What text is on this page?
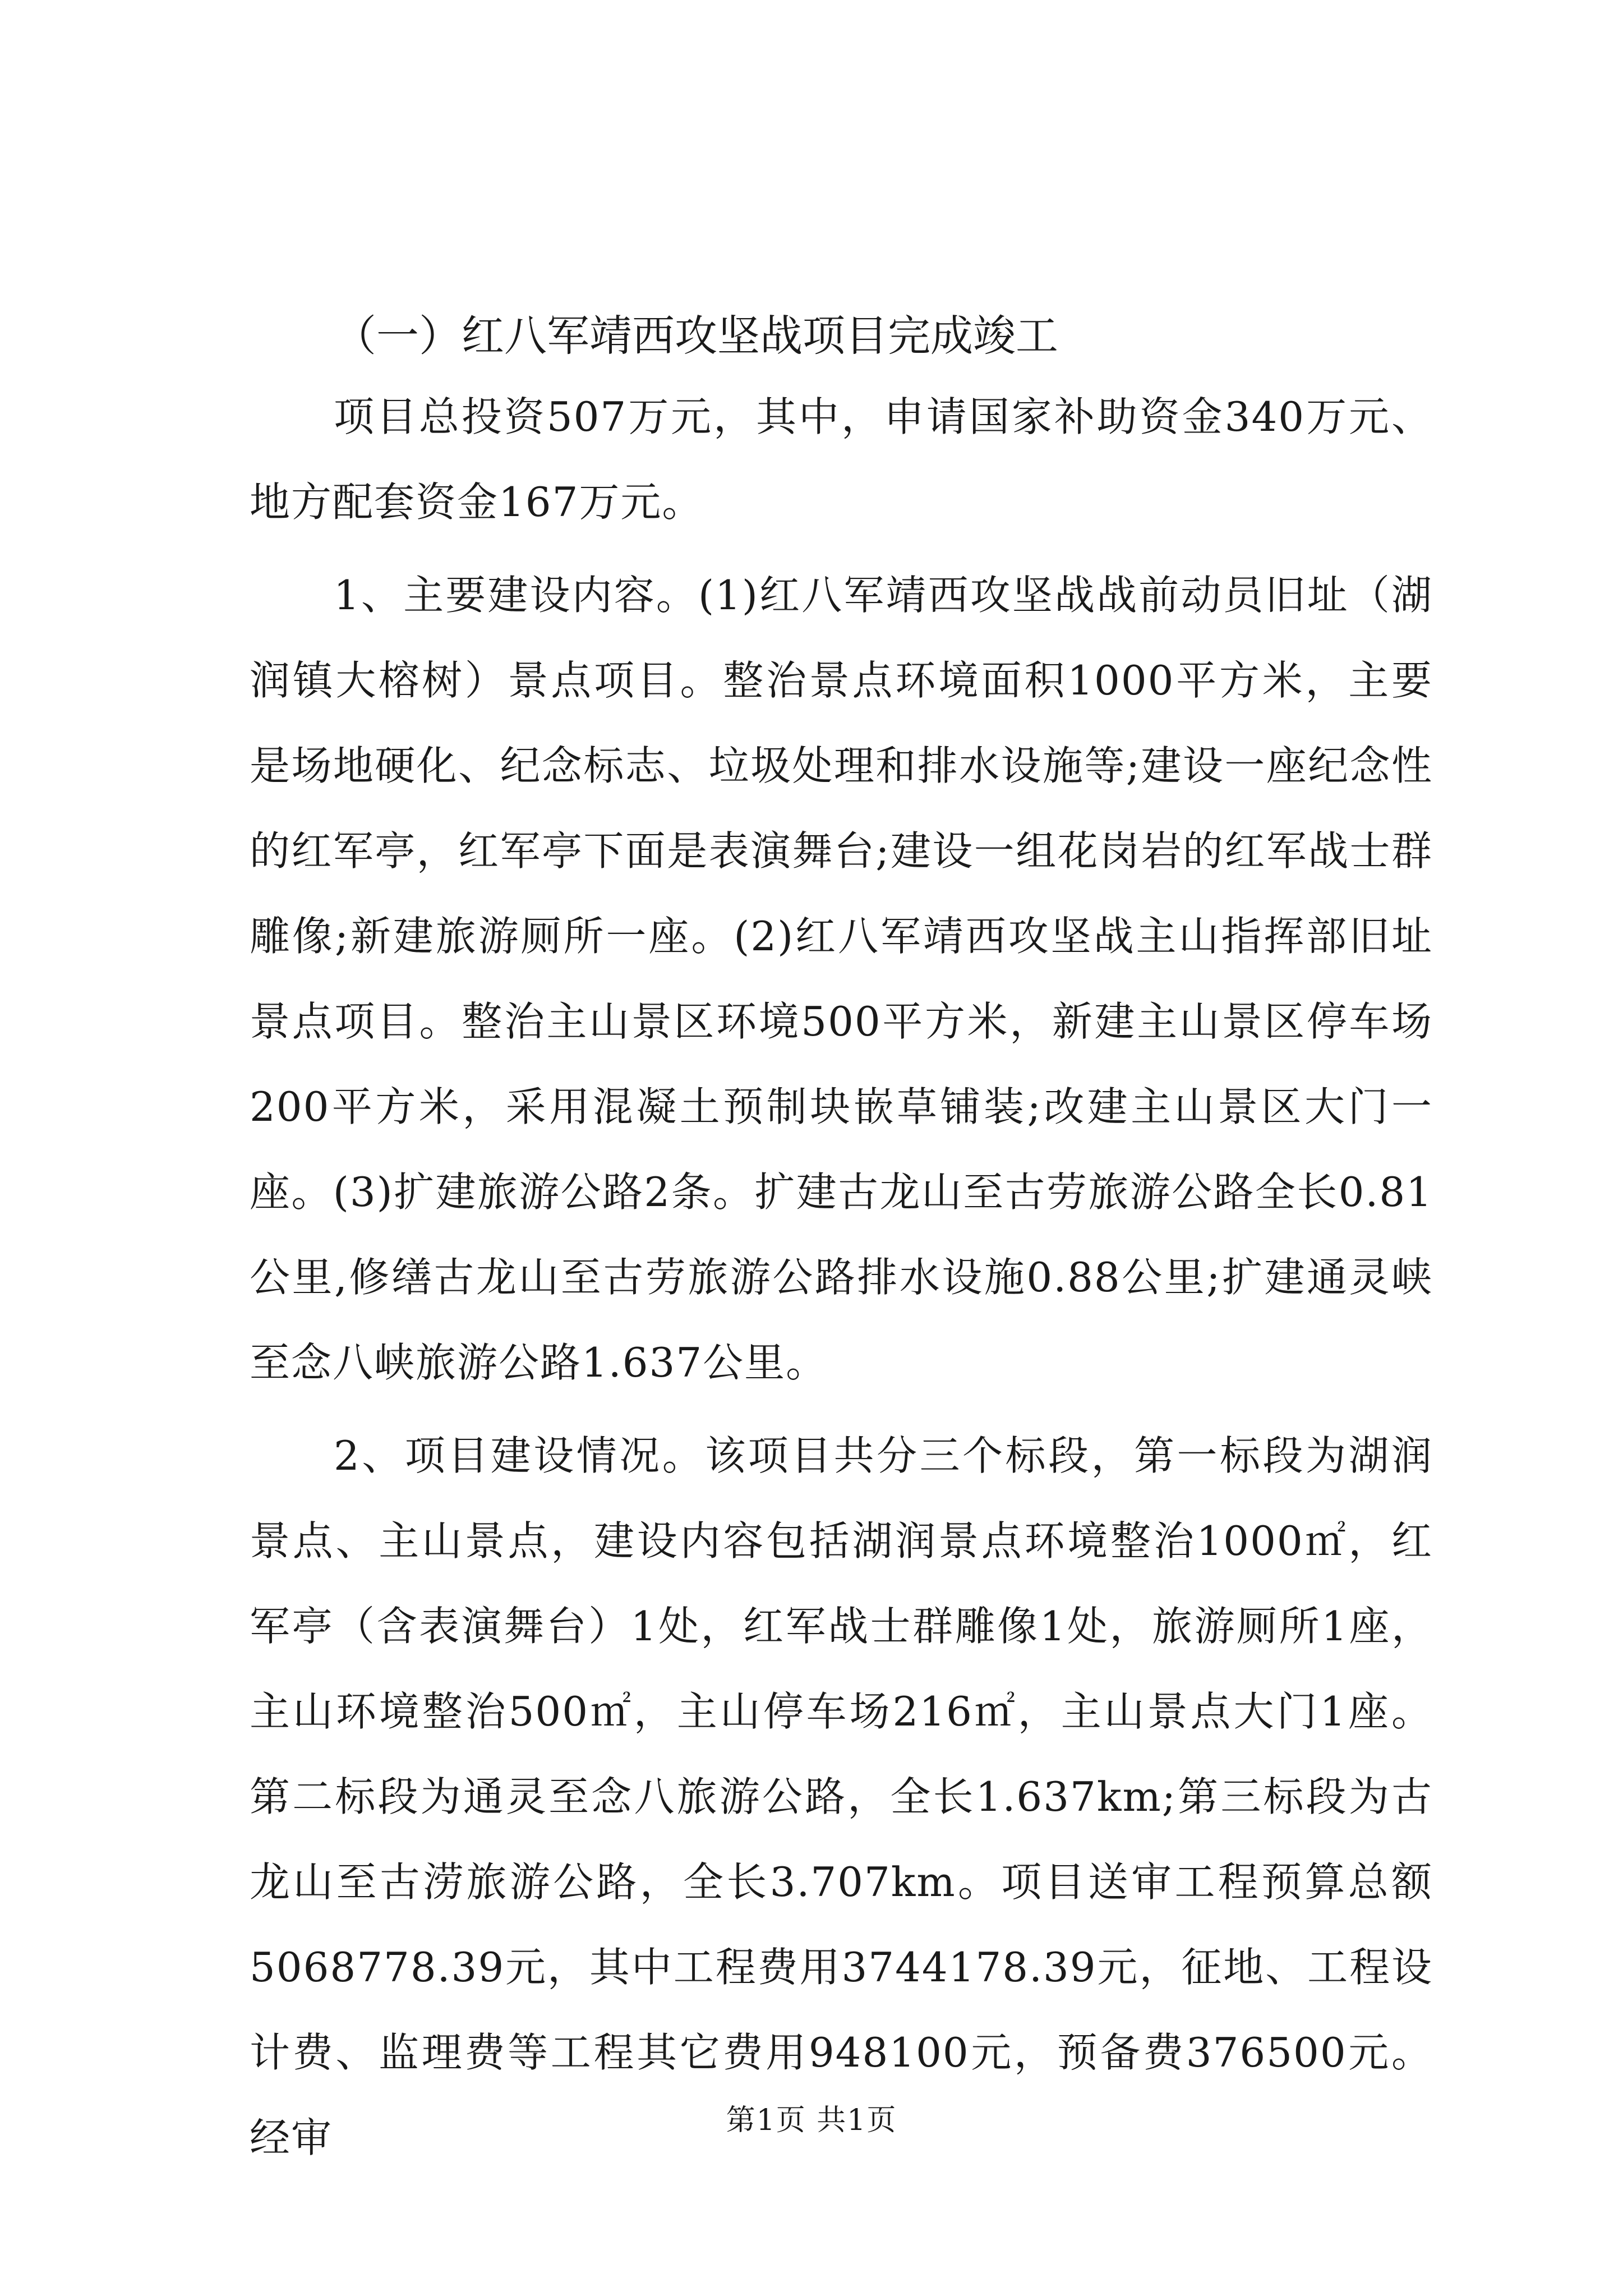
（一）红八军靖西攻坚战项目完成竣工

项目总投资507万元，其中，申请国家补助资金340万元、地方配套资金167万元。

1、主要建设内容。(1)红八军靖西攻坚战战前动员旧址（湖润镇大榕树）景点项目。整治景点环境面积1000平方米，主要是场地硬化、纪念标志、垃圾处理和排水设施等;建设一座纪念性的红军亭，红军亭下面是表演舞台;建设一组花岗岩的红军战士群雕像;新建旅游厕所一座。(2)红八军靖西攻坚战主山指挥部旧址景点项目。整治主山景区环境500平方米，新建主山景区停车场200平方米，采用混凝土预制块嵌草铺装;改建主山景区大门一座。(3)扩建旅游公路2条。扩建古龙山至古劳旅游公路全长0.81公里,修缮古龙山至古劳旅游公路排水设施0.88公里;扩建通灵峡至念八峡旅游公路1.637公里。

2、项目建设情况。该项目共分三个标段，第一标段为湖润景点、主山景点，建设内容包括湖润景点环境整治1000㎡，红军亭（含表演舞台）1处，红军战士群雕像1处，旅游厕所1座，主山环境整治500㎡，主山停车场216㎡，主山景点大门1座。第二标段为通灵至念八旅游公路，全长1.637km;第三标段为古龙山至古涝旅游公路，全长3.707km。项目送审工程预算总额5068778.39元，其中工程费用3744178.39元，征地、工程设计费、监理费等工程其它费用948100元，预备费376500元。经审	第1页 共1页
